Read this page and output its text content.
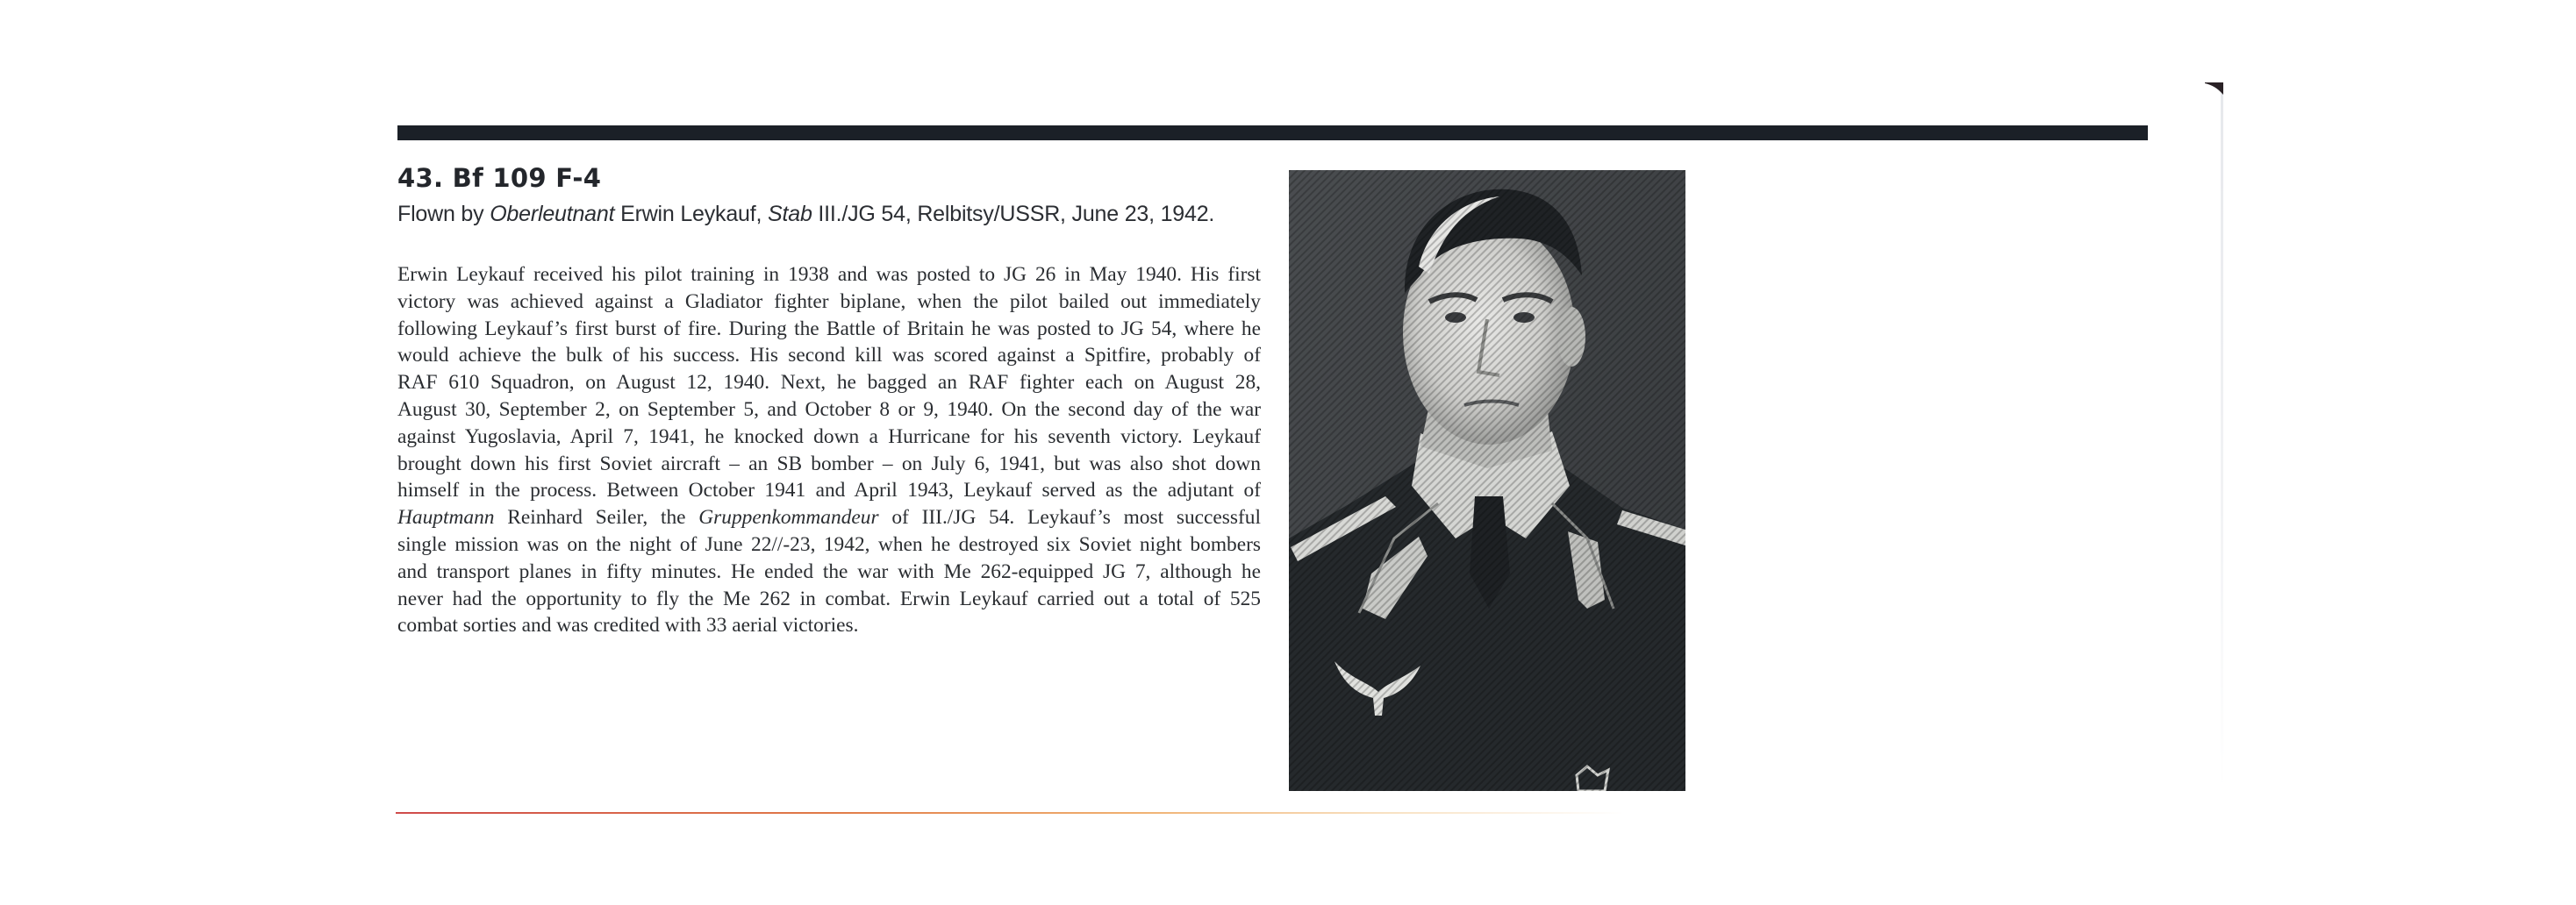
43. Bf 109 F-4
Flown by Oberleutnant Erwin Leykauf, Stab III./JG 54, Relbitsy/USSR, June 23, 1942.
Erwin Leykauf received his pilot training in 1938 and was posted to JG 26 in May 1940. His first
victory was achieved against a Gladiator fighter biplane, when the pilot bailed out immediately
following Leykauf’s first burst of fire. During the Battle of Britain he was posted to JG 54, where he
would achieve the bulk of his success. His second kill was scored against a Spitfire, probably of
RAF 610 Squadron, on August 12, 1940. Next, he bagged an RAF fighter each on August 28,
August 30, September 2, on September 5, and October 8 or 9, 1940. On the second day of the war
against Yugoslavia, April 7, 1941, he knocked down a Hurricane for his seventh victory. Leykauf
brought down his first Soviet aircraft – an SB bomber – on July 6, 1941, but was also shot down
himself in the process. Between October 1941 and April 1943, Leykauf served as the adjutant of
Hauptmann Reinhard Seiler, the Gruppenkommandeur of III./JG 54. Leykauf’s most successful
single mission was on the night of June 22//-23, 1942, when he destroyed six Soviet night bombers
and transport planes in fifty minutes. He ended the war with Me 262-equipped JG 7, although he
never had the opportunity to fly the Me 262 in combat. Erwin Leykauf carried out a total of 525
combat sorties and was credited with 33 aerial victories.
